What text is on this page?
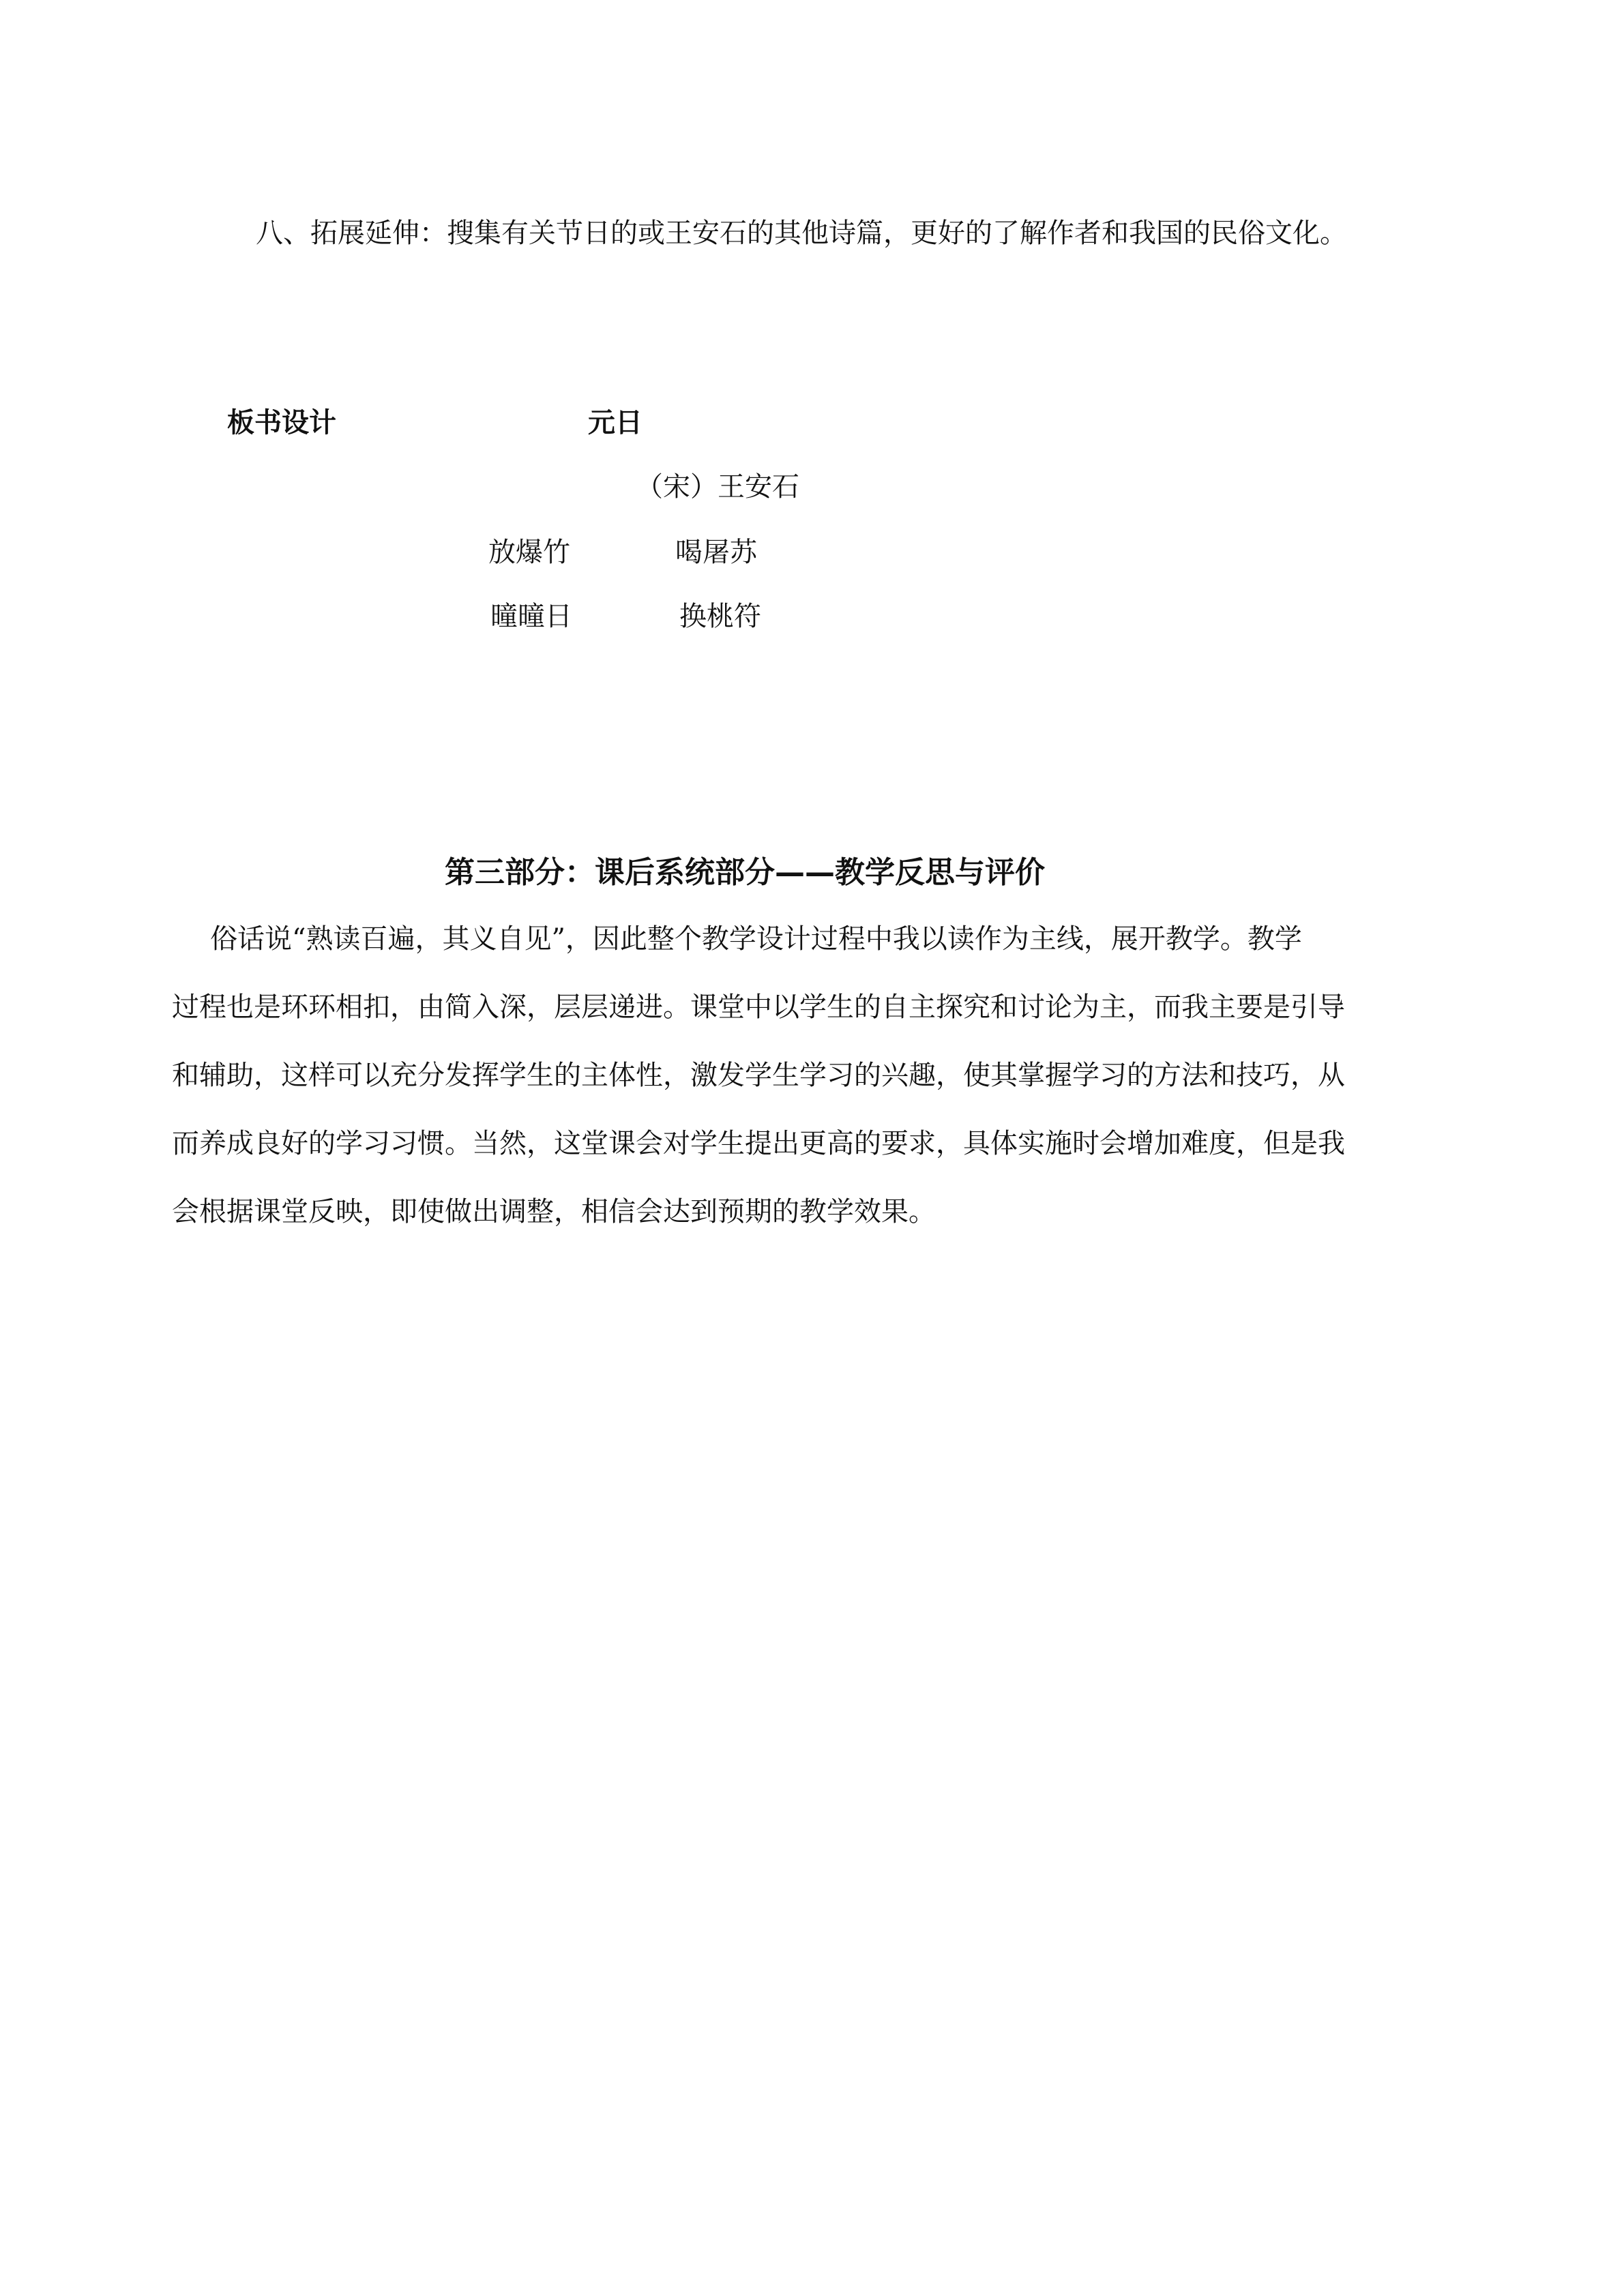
八、拓展延伸：搜集有关节日的或王安石的其他诗篇，更好的了解作者和我国的民俗文化。

板书设计	元日

（宋）王安石

放爆竹	喝屠苏

曈曈日	换桃符

第三部分：课后系统部分——教学反思与评价
俗话说“熟读百遍，其义自见”，因此整个教学设计过程中我以读作为主线，展开教学。教学
过程也是环环相扣，由简入深，层层递进。课堂中以学生的自主探究和讨论为主，而我主要是引导
和辅助，这样可以充分发挥学生的主体性，激发学生学习的兴趣，使其掌握学习的方法和技巧，从
而养成良好的学习习惯。当然，这堂课会对学生提出更高的要求，具体实施时会增加难度，但是我
会根据课堂反映，即使做出调整，相信会达到预期的教学效果。
